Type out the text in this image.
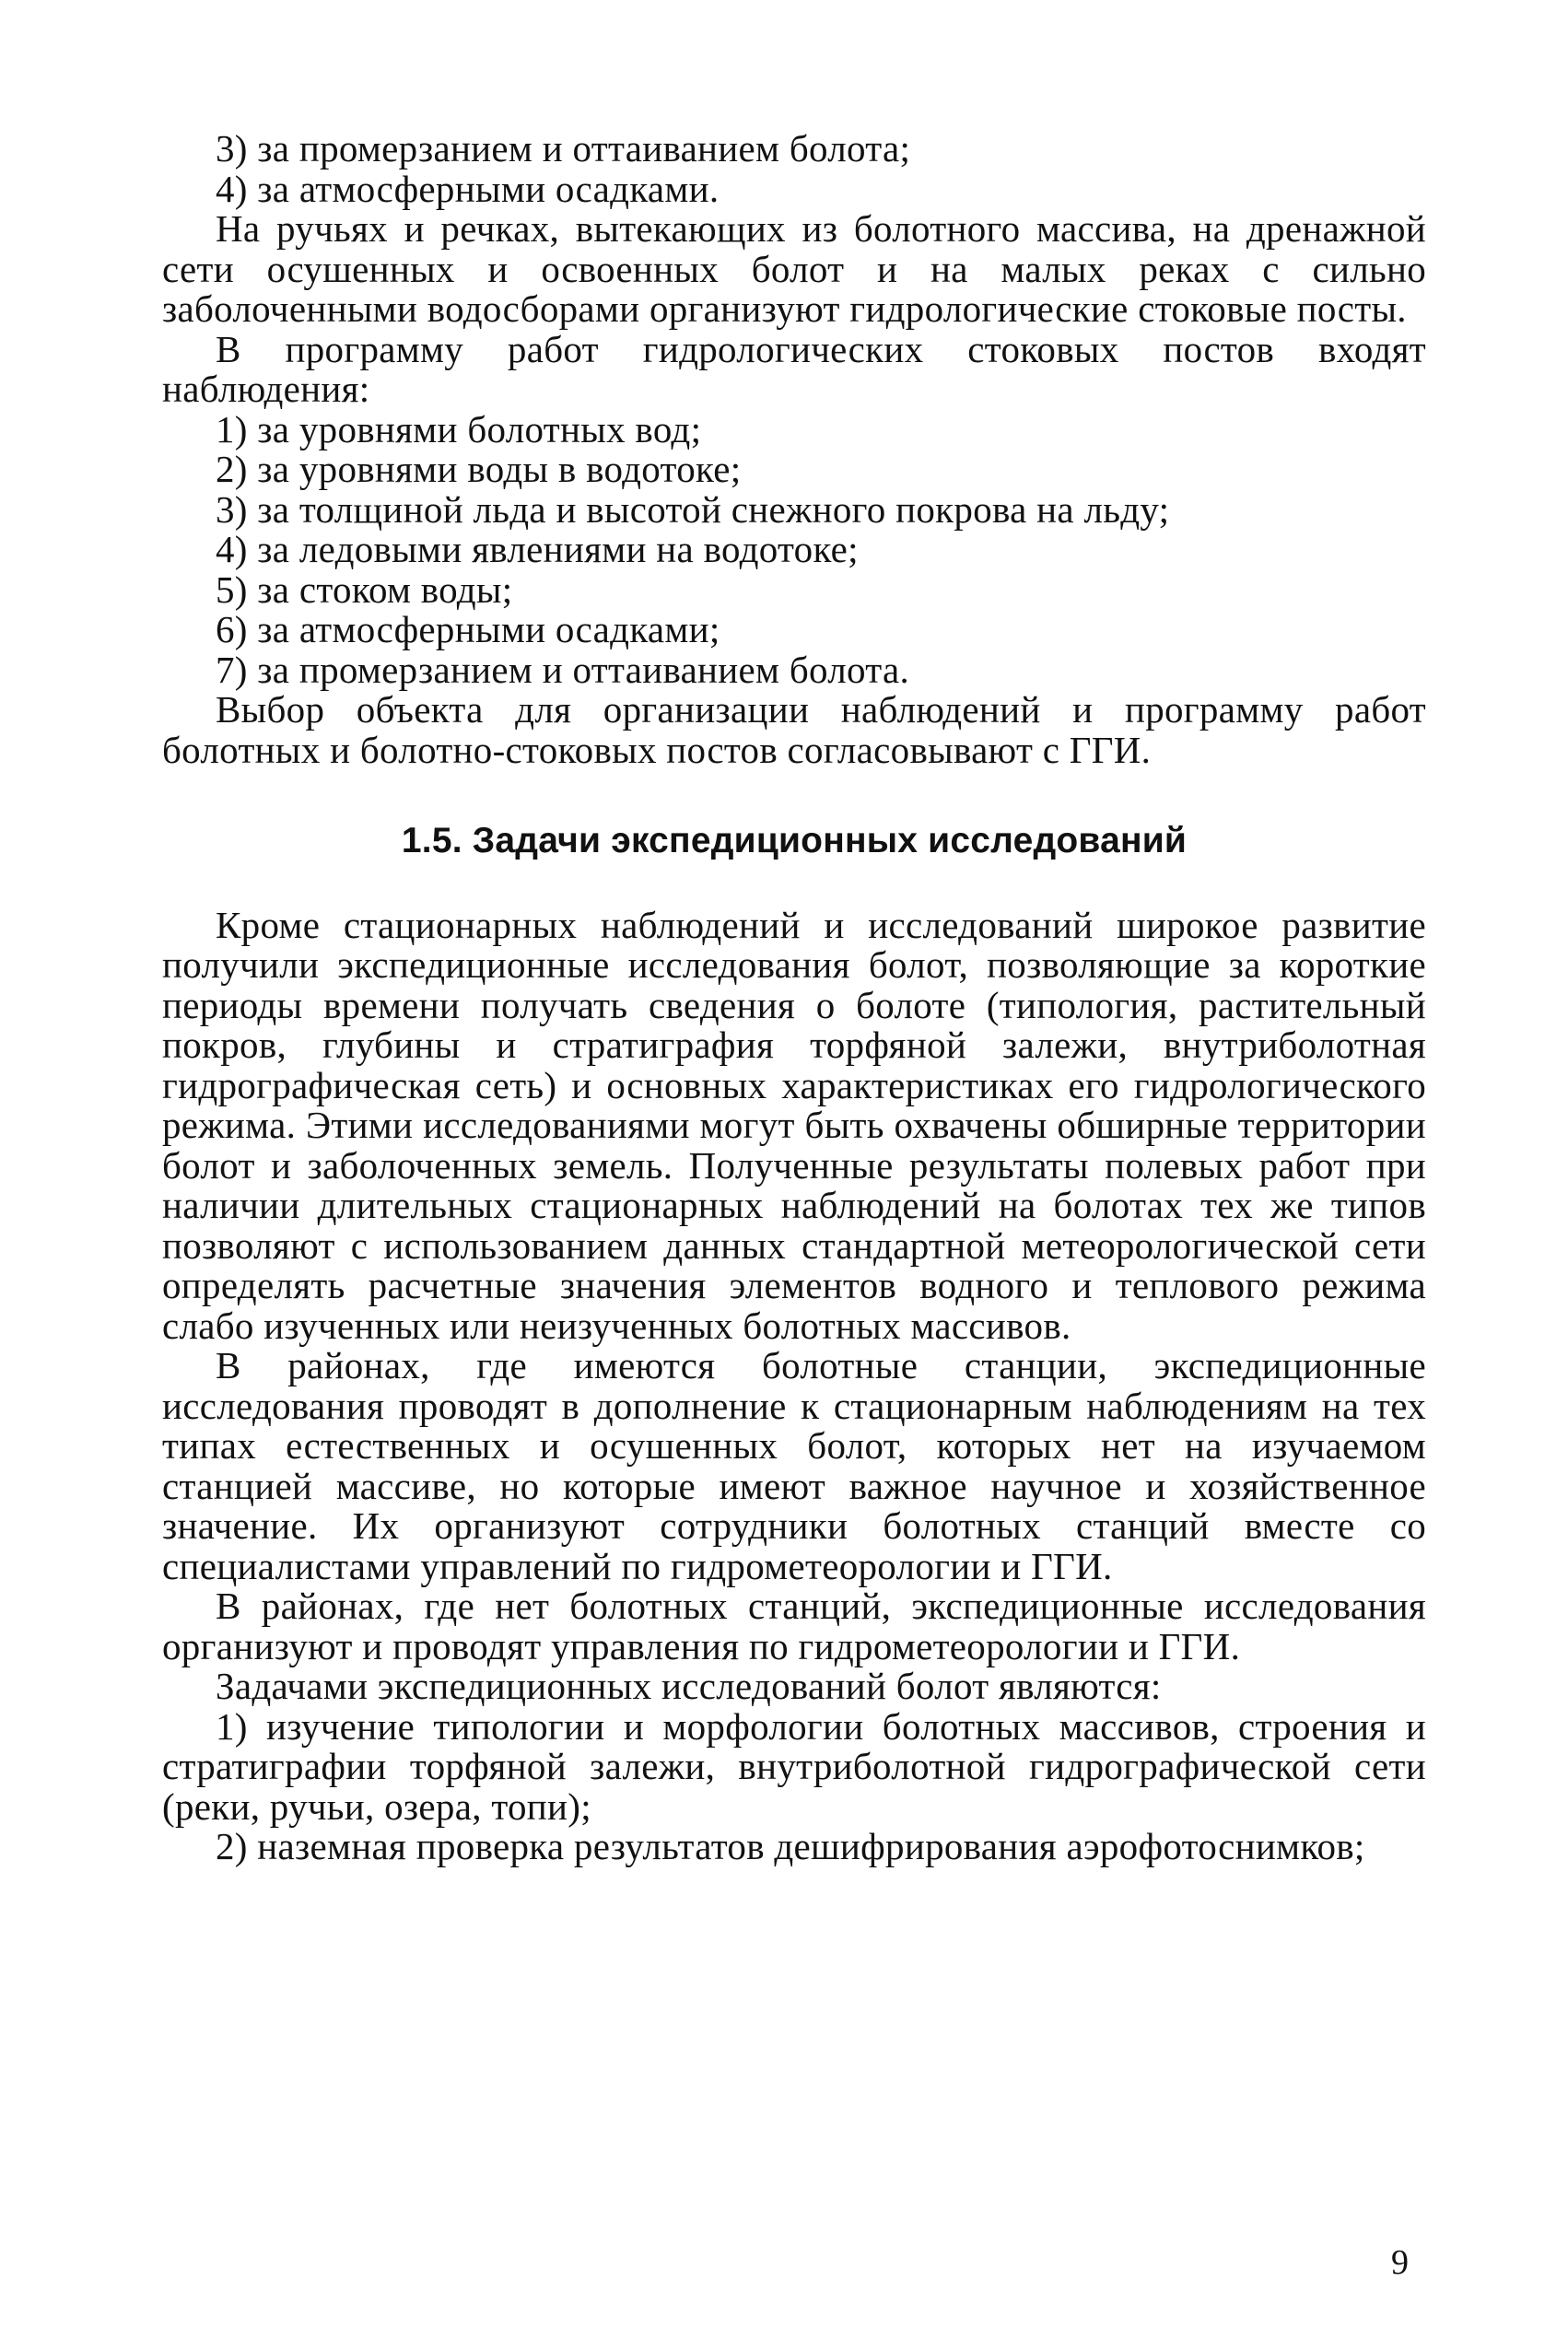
3) за промерзанием и оттаиванием болота;

4) за атмосферными осадками.

На ручьях и речках, вытекающих из болотного массива, на дренажной сети осушенных и освоенных болот и на малых реках с сильно заболоченными водосборами организуют гидрологические стоковые посты.

В программу работ гидрологических стоковых постов входят наблюдения:

1) за уровнями болотных вод;

2) за уровнями воды в водотоке;

3) за толщиной льда и высотой снежного покрова на льду;

4) за ледовыми явлениями на водотоке;

5) за стоком воды;

6) за атмосферными осадками;

7) за промерзанием и оттаиванием болота.

Выбор объекта для организации наблюдений и программу работ болотных и болотно-стоковых постов согласовывают с ГГИ.

1.5. Задачи экспедиционных исследований

Кроме стационарных наблюдений и исследований широкое развитие получили экспедиционные исследования болот, позволяющие за короткие периоды времени получать сведения о болоте (типология, растительный покров, глубины и стратиграфия торфяной залежи, внутриболотная гидрографическая сеть) и основных характеристиках его гидрологического режима. Этими исследованиями могут быть охвачены обширные территории болот и заболоченных земель. Полученные результаты полевых работ при наличии длительных стационарных наблюдений на болотах тех же типов позволяют с использованием данных стандартной метеорологической сети определять расчетные значения элементов водного и теплового режима слабо изученных или неизученных болотных массивов.

В районах, где имеются болотные станции, экспедиционные исследования проводят в дополнение к стационарным наблюдениям на тех типах естественных и осушенных болот, которых нет на изучаемом станцией массиве, но которые имеют важное научное и хозяйственное значение. Их организуют сотрудники болотных станций вместе со специалистами управлений по гидрометеорологии и ГГИ.

В районах, где нет болотных станций, экспедиционные исследования организуют и проводят управления по гидрометеорологии и ГГИ.

Задачами экспедиционных исследований болот являются:

1) изучение типологии и морфологии болотных массивов, строения и стратиграфии торфяной залежи, внутриболотной гидрографической сети (реки, ручьи, озера, топи);

2) наземная проверка результатов дешифрирования аэрофотоснимков;

9
